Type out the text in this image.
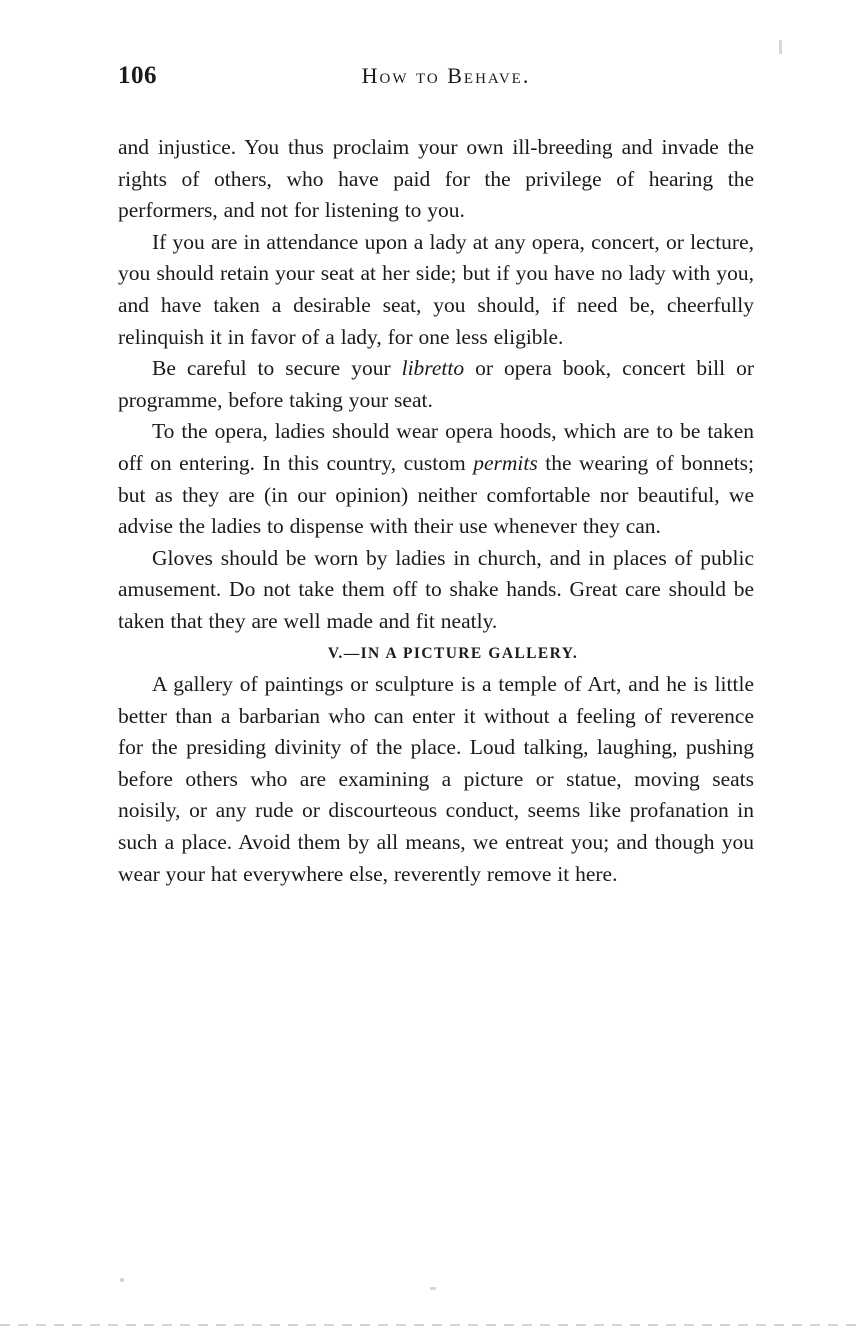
106	How to Behave.

and injustice. You thus proclaim your own ill-breeding and invade the rights of others, who have paid for the privilege of hearing the performers, and not for listening to you.

If you are in attendance upon a lady at any opera, concert, or lecture, you should retain your seat at her side; but if you have no lady with you, and have taken a desirable seat, you should, if need be, cheerfully relinquish it in favor of a lady, for one less eligible.

Be careful to secure your libretto or opera book, concert bill or programme, before taking your seat.

To the opera, ladies should wear opera hoods, which are to be taken off on entering. In this country, custom permits the wearing of bonnets; but as they are (in our opinion) neither comfortable nor beautiful, we advise the ladies to dispense with their use whenever they can.

Gloves should be worn by ladies in church, and in places of public amusement. Do not take them off to shake hands. Great care should be taken that they are well made and fit neatly.

V.—IN A PICTURE GALLERY.

A gallery of paintings or sculpture is a temple of Art, and he is little better than a barbarian who can enter it without a feeling of reverence for the presiding divinity of the place. Loud talking, laughing, pushing before others who are examining a picture or statue, moving seats noisily, or any rude or discourteous conduct, seems like profanation in such a place. Avoid them by all means, we entreat you; and though you wear your hat everywhere else, reverently remove it here.
